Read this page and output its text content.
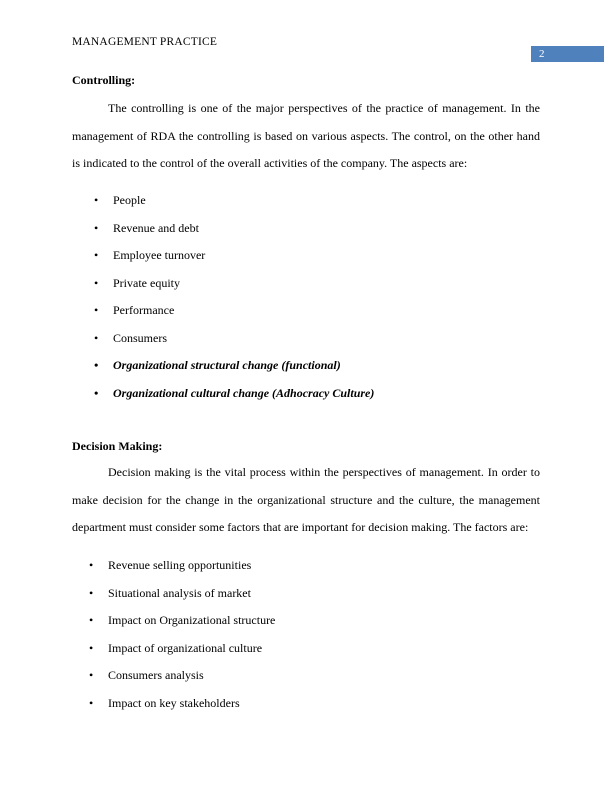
MANAGEMENT PRACTICE
2

Controlling:

The controlling is one of the major perspectives of the practice of management. In the management of RDA the controlling is based on various aspects. The control, on the other hand is indicated to the control of the overall activities of the company. The aspects are:

• People
• Revenue and debt
• Employee turnover
• Private equity
• Performance
• Consumers
• Organizational structural change (functional)
• Organizational cultural change (Adhocracy Culture)

Decision Making:

Decision making is the vital process within the perspectives of management. In order to make decision for the change in the organizational structure and the culture, the management department must consider some factors that are important for decision making. The factors are:

• Revenue selling opportunities
• Situational analysis of market
• Impact on Organizational structure
• Impact of organizational culture
• Consumers analysis
• Impact on key stakeholders
